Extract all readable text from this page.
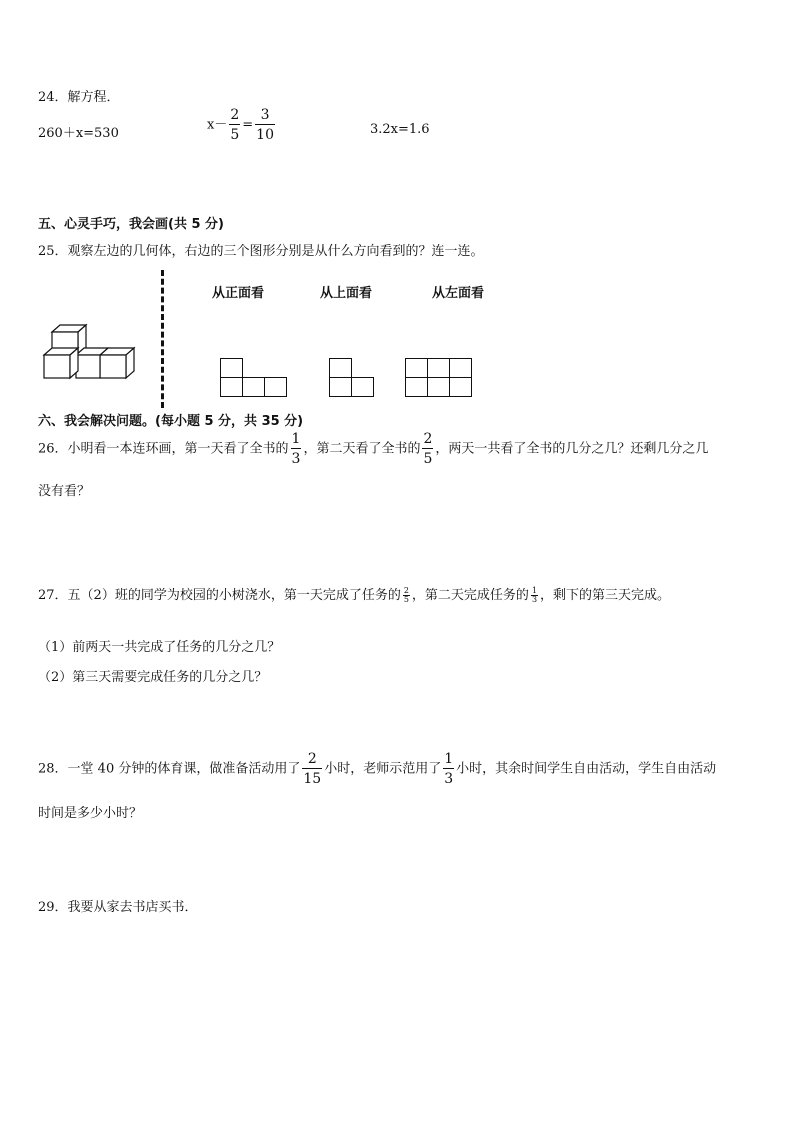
24．解方程．
260＋x=530
$x- \frac{2}{5} = \frac{3}{10}$	3.2x=1.6
五、心灵手巧，我会画(共 5 分)
25．观察左边的几何体，右边的三个图形分别是从什么方向看到的？连一连。
从正面看	从上面看	从左面看
六、我会解决问题。(每小题 5 分，共 35 分)
26．小明看一本连环画，第一天看了全书的 $\frac{1}{3}$ ，第二天看了全书的 $\frac{2}{5}$ ，两天一共看了全书的几分之几？还剩几分之几
没有看？
27．五（2）班的同学为校园的小树浇水，第一天完成了任务的 $\frac{2}{5}$ ，第二天完成任务的 $\frac{1}{3}$ ，剩下的第三天完成。
（1）前两天一共完成了任务的几分之几？
（2）第三天需要完成任务的几分之几？
28．一堂 40 分钟的体育课，做准备活动用了 $\frac{2}{15}$ 小时，老师示范用了 $\frac{1}{3}$ 小时，其余时间学生自由活动，学生自由活动
时间是多少小时？
29．我要从家去书店买书．
